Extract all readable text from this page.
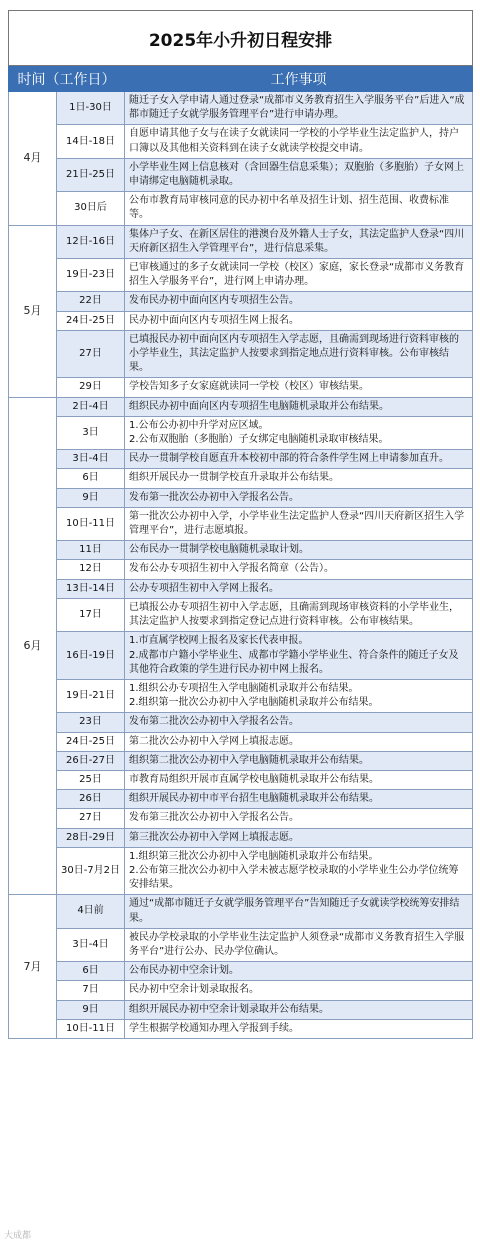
2025年小升初日程安排
时间（工作日）		工作事项
4月	1日-30日	随迁子女入学申请人通过登录“成都市义务教育招生入学服务平台”后进入“成都市随迁子女就学服务管理平台”进行申请办理。
	14日-18日	自愿申请其他子女与在读子女就读同一学校的小学毕业生法定监护人，持户口簿以及其他相关资料到在读子女就读学校提交申请。
	21日-25日	小学毕业生网上信息核对（含回器生信息采集）；双胞胎（多胞胎）子女网上申请绑定电脑随机录取。
	30日后	公布市教育局审核同意的民办初中名单及招生计划、招生范围、收费标准等。
5月	12日-16日	集体户子女、在新区居住的港澳台及外籍人士子女，其法定监护人登录“四川天府新区招生入学管理平台”，进行信息采集。
	19日-23日	已审核通过的多子女就读同一学校（校区）家庭，家长登录“成都市义务教育招生入学服务平台”，进行网上申请办理。
	22日	发布民办初中面向区内专项招生公告。
	24日-25日	民办初中面向区内专项招生网上报名。
	27日	已填报民办初中面向区内专项招生入学志愿，且确需到现场进行资料审核的小学毕业生，其法定监护人按要求到指定地点进行资料审核。公布审核结果。
	29日	学校告知多子女家庭就读同一学校（校区）审核结果。
6月	2日-4日	组织民办初中面向区内专项招生电脑随机录取并公布结果。
	3日	1.公布公办初中升学对应区域。
2.公布双胞胎（多胞胎）子女绑定电脑随机录取审核结果。
	3日-4日	民办一贯制学校自愿直升本校初中部的符合条件学生网上申请参加直升。
	6日	组织开展民办一贯制学校直升录取并公布结果。
	9日	发布第一批次公办初中入学报名公告。
	10日-11日	第一批次公办初中入学，小学毕业生法定监护人登录“四川天府新区招生入学管理平台”，进行志愿填报。
	11日	公布民办一贯制学校电脑随机录取计划。
	12日	发布公办专项招生初中入学报名简章（公告）。
	13日-14日	公办专项招生初中入学网上报名。
	17日	已填报公办专项招生初中入学志愿，且确需到现场审核资料的小学毕业生，其法定监护人按要求到指定登记点进行资料审核。公布审核结果。
	16日-19日	1.市直属学校网上报名及家长代表申报。
2.成都市户籍小学毕业生、成都市学籍小学毕业生、符合条件的随迁子女及其他符合政策的学生进行民办初中网上报名。
	19日-21日	1.组织公办专项招生入学电脑随机录取并公布结果。
2.组织第一批次公办初中入学电脑随机录取并公布结果。
	23日	发布第二批次公办初中入学报名公告。
	24日-25日	第二批次公办初中入学网上填报志愿。
	26日-27日	组织第二批次公办初中入学电脑随机录取并公布结果。
	25日	市教育局组织开展市直属学校电脑随机录取并公布结果。
	26日	组织开展民办初中市平台招生电脑随机录取并公布结果。
	27日	发布第三批次公办初中入学报名公告。
	28日-29日	第三批次公办初中入学网上填报志愿。
	30日-7月2日	1.组织第三批次公办初中入学电脑随机录取并公布结果。
2.公布第三批次公办初中入学未被志愿学校录取的小学毕业生公办学位统筹安排结果。
7月	4日前	通过“成都市随迁子女就学服务管理平台”告知随迁子女就读学校统筹安排结果。
	3日-4日	被民办学校录取的小学毕业生法定监护人须登录“成都市义务教育招生入学服务平台”进行公办、民办学位确认。
	6日	公布民办初中空余计划。
	7日	民办初中空余计划录取报名。
	9日	组织开展民办初中空余计划录取并公布结果。
	10日-11日	学生根据学校通知办理入学报到手续。
大成都
